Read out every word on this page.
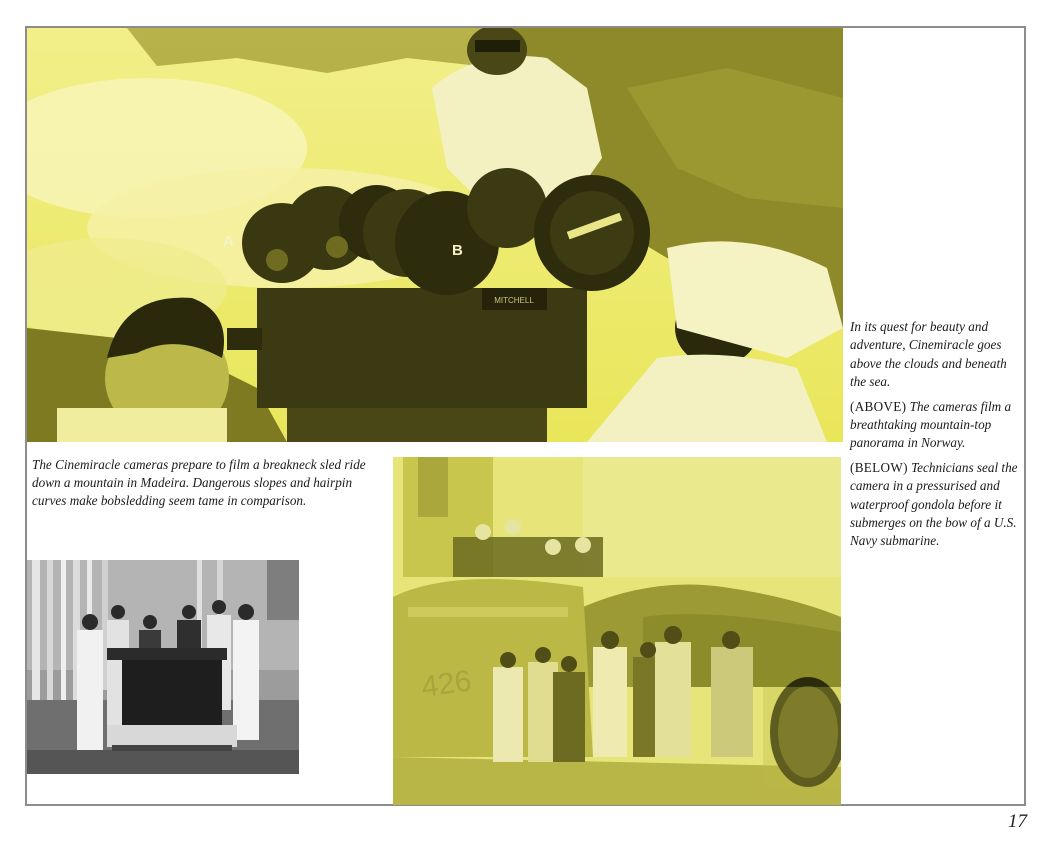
MITCHELL
A
B
426

The Cinemiracle cameras prepare to film a breakneck sled ride down a mountain in Madeira. Dangerous slopes and hairpin curves make bobsledding seem tame in comparison.

In its quest for beauty and adventure, Cinemiracle goes above the clouds and beneath the sea.

(ABOVE) The cameras film a breathtaking mountain-top panorama in Norway.

(BELOW) Technicians seal the camera in a pressurised and waterproof gondola before it submerges on the bow of a U.S. Navy submarine.

17
